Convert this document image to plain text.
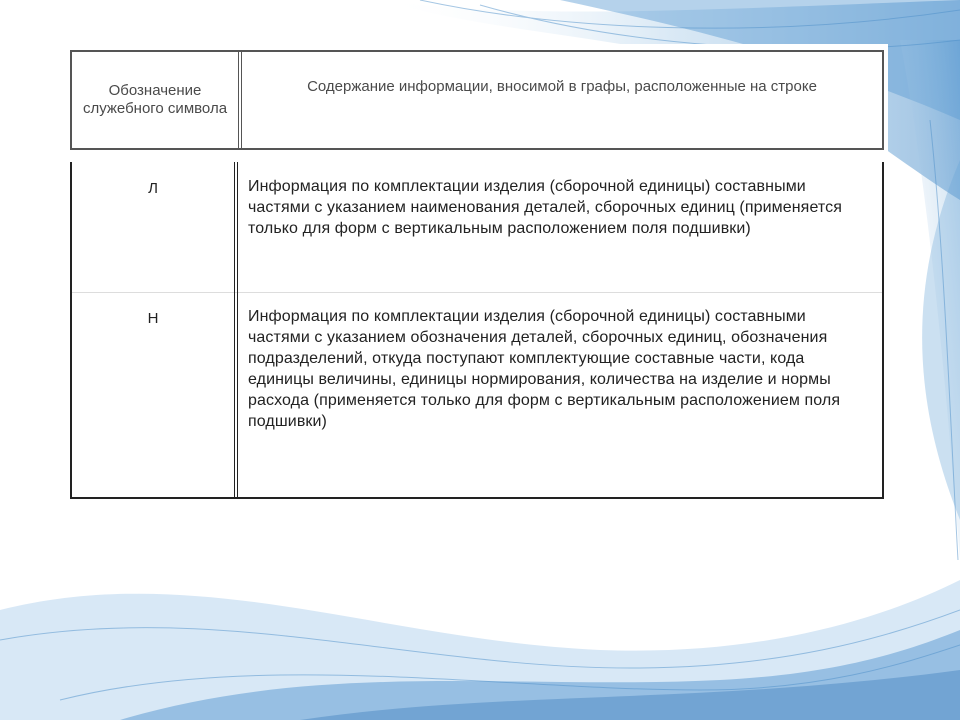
Обозначение служебного символа
Содержание информации, вносимой в графы, расположенные на строке
Л	Информация по комплектации изделия (сборочной единицы) составными частями с указанием наименования деталей, сборочных единиц (применяется только для форм с вертикальным расположением поля подшивки)
Н	Информация по комплектации изделия (сборочной единицы) составными частями с указанием обозначения деталей, сборочных единиц, обозначения подразделений, откуда поступают комплектующие составные части, кода единицы величины, единицы нормирования, количества на изделие и нормы расхода (применяется только для форм с вертикальным расположением поля подшивки)
